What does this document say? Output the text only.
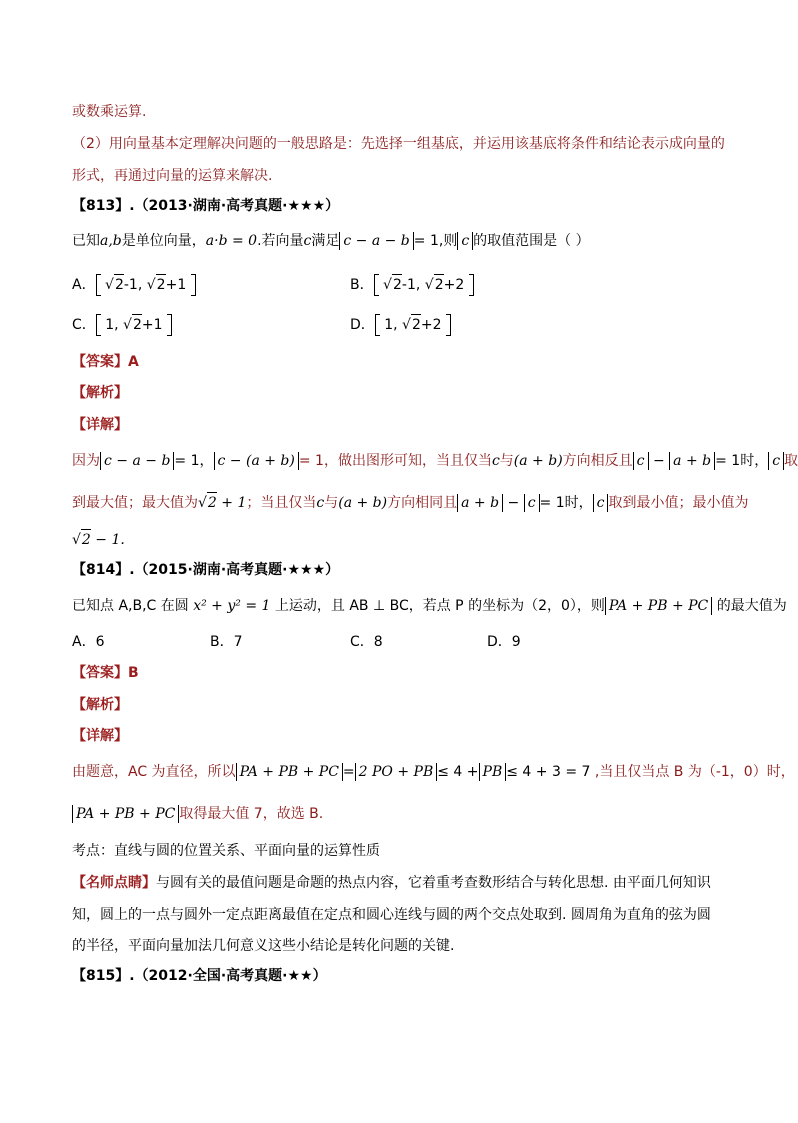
或数乘运算.
（2）用向量基本定理解决问题的一般思路是：先选择一组基底，并运用该基底将条件和结论表示成向量的
形式，再通过向量的运算来解决.
【813】.（2013·湖南·高考真题·★★★）
已知a,b是单位向量，a·b = 0.若向量c满足 c − a − b = 1,则 c 的取值范围是（ ）
A． √2-1, √2+1	B． √2-1, √2+2
C． 1, √2+1	D． 1, √2+2
【答案】A
【解析】
【详解】
因为 c − a − b = 1， c − (a + b) = 1，做出图形可知，当且仅当c与(a + b)方向相反且 c − a + b = 1时， c 取
到最大值；最大值为√2 + 1；当且仅当c与(a + b)方向相同且 a + b − c = 1时， c 取到最小值；最小值为
√2 − 1.
【814】.（2015·湖南·高考真题·★★★）
已知点 A,B,C 在圆 x² + y² = 1 上运动，且 AB ⊥ BC，若点 P 的坐标为（2，0），则 PA + PB + PC 的最大值为
A．6	B．7	C．8	D．9
【答案】B
【解析】
【详解】
由题意，AC 为直径，所以 PA + PB + PC = 2 PO + PB ≤ 4 + PB ≤ 4 + 3 = 7 ,当且仅当点 B 为（-1，0）时，
PA + PB + PC 取得最大值 7，故选 B.
考点：直线与圆的位置关系、平面向量的运算性质
【名师点睛】与圆有关的最值问题是命题的热点内容，它着重考查数形结合与转化思想. 由平面几何知识
知，圆上的一点与圆外一定点距离最值在定点和圆心连线与圆的两个交点处取到. 圆周角为直角的弦为圆
的半径，平面向量加法几何意义这些小结论是转化问题的关键.
【815】.（2012·全国·高考真题·★★）
